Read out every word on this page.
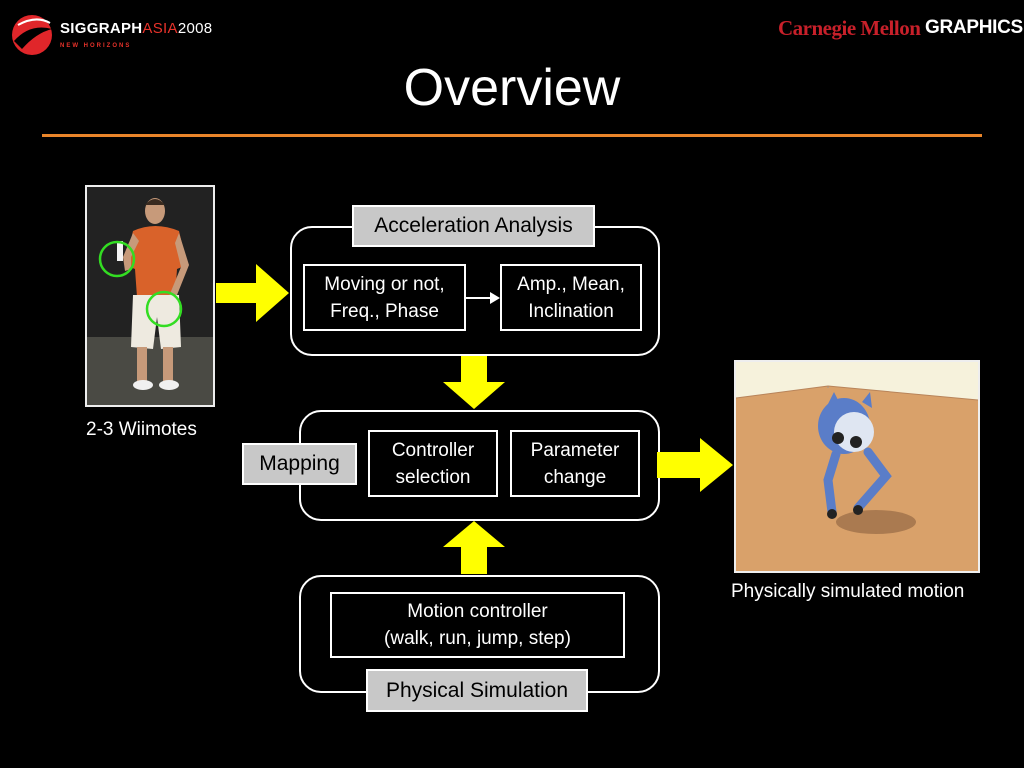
SIGGRAPHASIA2008
NEW HORIZONS
Carnegie Mellon GRAPHICS
Overview
2-3 Wiimotes
Physically simulated motion
Acceleration Analysis
Mapping
Physical Simulation
Moving or not,
Freq., Phase
Amp., Mean,
Inclination
Controller
selection
Parameter
change
Motion controller
(walk, run, jump, step)
